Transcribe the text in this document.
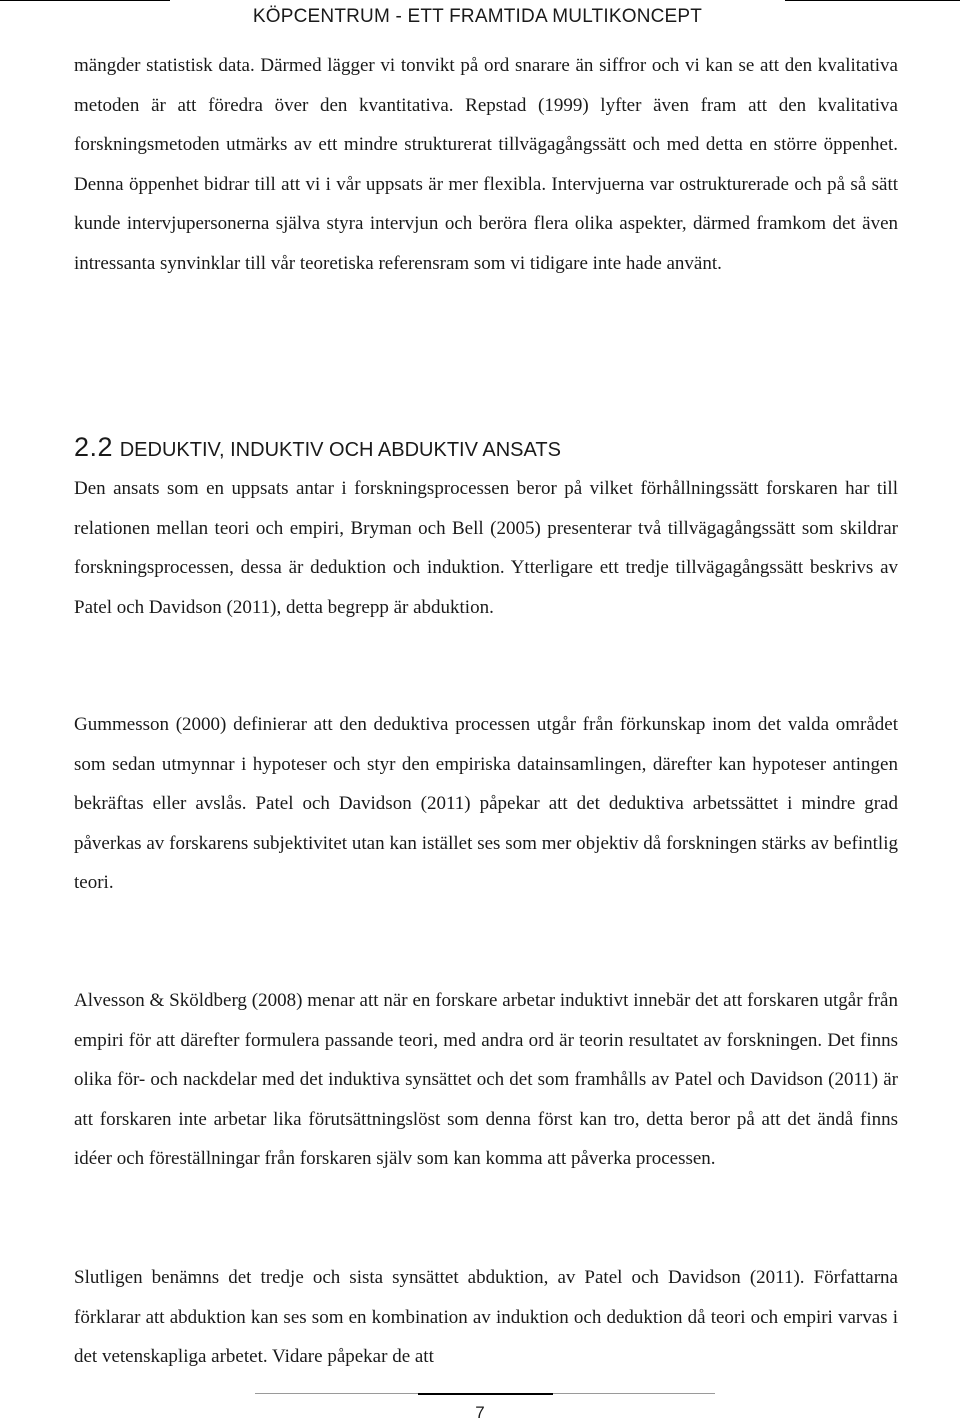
KÖPCENTRUM - ETT FRAMTIDA MULTIKONCEPT

mängder statistisk data. Därmed lägger vi tonvikt på ord snarare än siffror och vi kan se att den kvalitativa metoden är att föredra över den kvantitativa. Repstad (1999) lyfter även fram att den kvalitativa forskningsmetoden utmärks av ett mindre strukturerat tillvägagångssätt och med detta en större öppenhet. Denna öppenhet bidrar till att vi i vår uppsats är mer flexibla. Intervjuerna var ostrukturerade och på så sätt kunde intervjupersonerna själva styra intervjun och beröra flera olika aspekter, därmed framkom det även intressanta synvinklar till vår teoretiska referensram som vi tidigare inte hade använt.

2.2 DEDUKTIV, INDUKTIV OCH ABDUKTIV ANSATS

Den ansats som en uppsats antar i forskningsprocessen beror på vilket förhållningssätt forskaren har till relationen mellan teori och empiri, Bryman och Bell (2005) presenterar två tillvägagångssätt som skildrar forskningsprocessen, dessa är deduktion och induktion. Ytterligare ett tredje tillvägagångssätt beskrivs av Patel och Davidson (2011), detta begrepp är abduktion.

Gummesson (2000) definierar att den deduktiva processen utgår från förkunskap inom det valda området som sedan utmynnar i hypoteser och styr den empiriska datainsamlingen, därefter kan hypoteser antingen bekräftas eller avslås. Patel och Davidson (2011) påpekar att det deduktiva arbetssättet i mindre grad påverkas av forskarens subjektivitet utan kan istället ses som mer objektiv då forskningen stärks av befintlig teori.

Alvesson & Sköldberg (2008) menar att när en forskare arbetar induktivt innebär det att forskaren utgår från empiri för att därefter formulera passande teori, med andra ord är teorin resultatet av forskningen. Det finns olika för- och nackdelar med det induktiva synsättet och det som framhålls av Patel och Davidson (2011) är att forskaren inte arbetar lika förutsättningslöst som denna först kan tro, detta beror på att det ändå finns idéer och föreställningar från forskaren själv som kan komma att påverka processen.

Slutligen benämns det tredje och sista synsättet abduktion, av Patel och Davidson (2011). Författarna förklarar att abduktion kan ses som en kombination av induktion och deduktion då teori och empiri varvas i det vetenskapliga arbetet. Vidare påpekar de att

7
